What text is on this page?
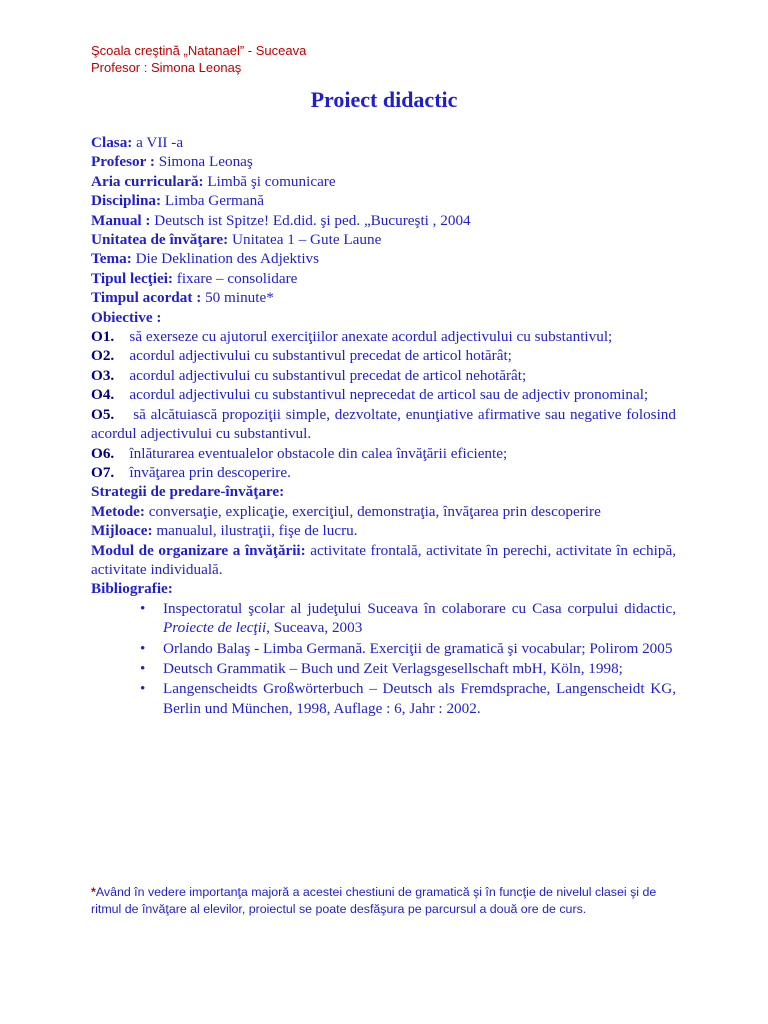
Şcoala creştină „Natanael” - Suceava
Profesor : Simona Leonaş
Proiect didactic

Clasa: a VII -a

Profesor : Simona Leonaş

Aria curriculară: Limbă şi comunicare

Disciplina: Limba Germană

Manual : Deutsch ist Spitze! Ed.did. şi ped. „Bucureşti , 2004

Unitatea de învăţare: Unitatea 1 – Gute Laune

Tema: Die Deklination des Adjektivs

Tipul lecţiei: fixare – consolidare

Timpul acordat : 50 minute*

Obiective :

O1. să exerseze cu ajutorul exerciţiilor anexate acordul adjectivului cu substantivul;

O2. acordul adjectivului cu substantivul precedat de articol hotărât;

O3. acordul adjectivului cu substantivul precedat de articol nehotărât;

O4. acordul adjectivului cu substantivul neprecedat de articol sau de adjectiv pronominal;

O5. să alcătuiască propoziţii simple, dezvoltate, enunţiative afirmative sau negative folosind acordul adjectivului cu substantivul.

O6. înlăturarea eventualelor obstacole din calea învăţării eficiente;

O7. învăţarea prin descoperire.

Strategii de predare-învăţare:

Metode: conversaţie, explicaţie, exerciţiul, demonstraţia, învăţarea prin descoperire

Mijloace: manualul, ilustraţii, fişe de lucru.

Modul de organizare a învăţării: activitate frontală, activitate în perechi, activitate în echipă, activitate individuală.

Bibliografie:

• Inspectoratul şcolar al judeţului Suceava în colaborare cu Casa corpului didactic, Proiecte de lecţii, Suceava, 2003
• Orlando Balaş - Limba Germană. Exerciţii de gramatică şi vocabular; Polirom 2005
• Deutsch Grammatik – Buch und Zeit Verlagsgesellschaft mbH, Köln, 1998;
• Langenscheidts Großwörterbuch – Deutsch als Fremdsprache, Langenscheidt KG, Berlin und München, 1998, Auflage : 6, Jahr : 2002.
*Având în vedere importanţa majoră a acestei chestiuni de gramatică şi în funcţie de nivelul clasei şi de ritmul de învăţare al elevilor, proiectul se poate desfăşura pe parcursul a două ore de curs.
